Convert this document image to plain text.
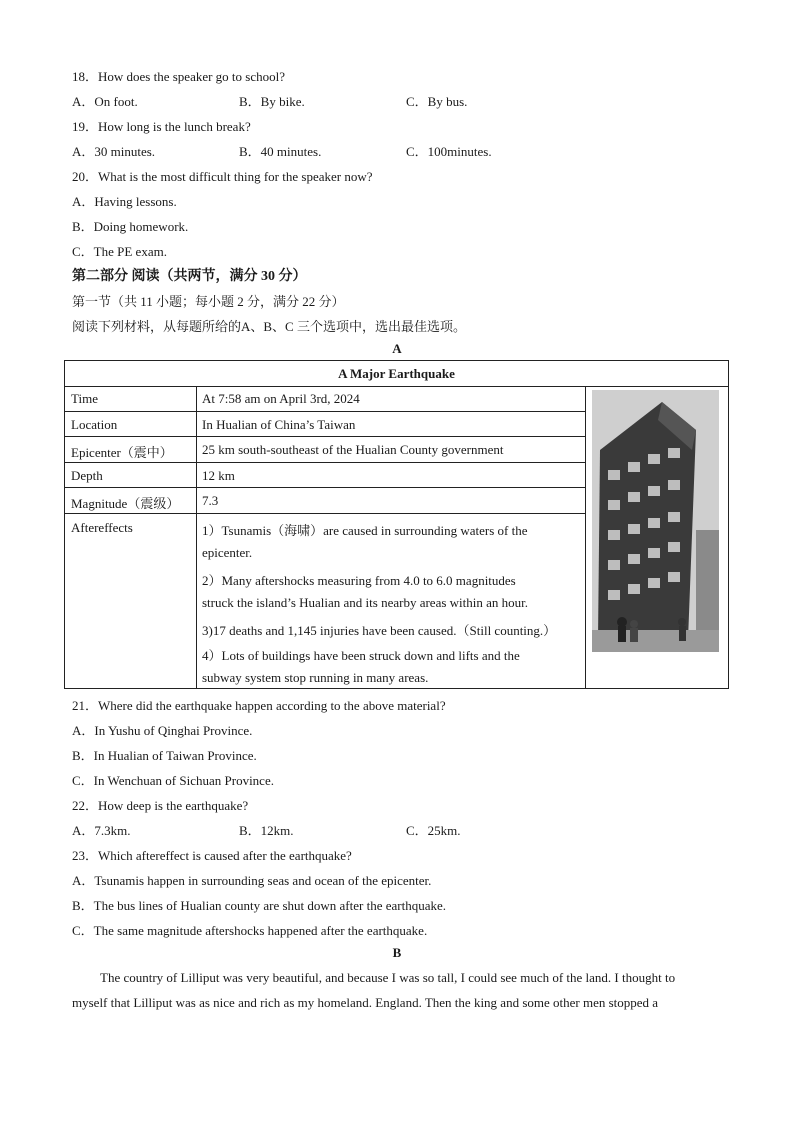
18．How does the speaker go to school?
A．On foot.	B．By bike.	C．By bus.
19．How long is the lunch break?
A．30 minutes.	B．40 minutes.	C．100minutes.
20．What is the most difficult thing for the speaker now?
A．Having lessons.
B．Doing homework.
C．The PE exam.
第二部分 阅读（共两节，满分 30 分）
第一节（共 11 小题；每小题 2 分，满分 22 分）
阅读下列材料，从每题所给的A、B、C 三个选项中，选出最佳选项。
A
A Major Earthquake
Time	At 7:58 am on April 3rd, 2024
Location	In Hualian of China’s Taiwan
Epicenter（震中） 25 km south-southeast of the Hualian County government
Depth	12 km
Magnitude（震级） 7.3
Aftereffects	1）Tsunamis（海啸）are caused in surrounding waters of the
epicenter.
2）Many aftershocks measuring from 4.0 to 6.0 magnitudes
struck the island’s Hualian and its nearby areas within an hour.
3)17 deaths and 1,145 injuries have been caused.（Still counting.）
4）Lots of buildings have been struck down and lifts and the
subway system stop running in many areas.
21．Where did the earthquake happen according to the above material?
A．In Yushu of Qinghai Province.
B．In Hualian of Taiwan Province.
C．In Wenchuan of Sichuan Province.
22．How deep is the earthquake?
A．7.3km.	B．12km.	C．25km.
23．Which aftereffect is caused after the earthquake?
A．Tsunamis happen in surrounding seas and ocean of the epicenter.
B．The bus lines of Hualian county are shut down after the earthquake.
C．The same magnitude aftershocks happened after the earthquake.
B
The country of Lilliput was very beautiful, and because I was so tall, I could see much of the land. I thought to
myself that Lilliput was as nice and rich as my homeland. England. Then the king and some other men stopped a
